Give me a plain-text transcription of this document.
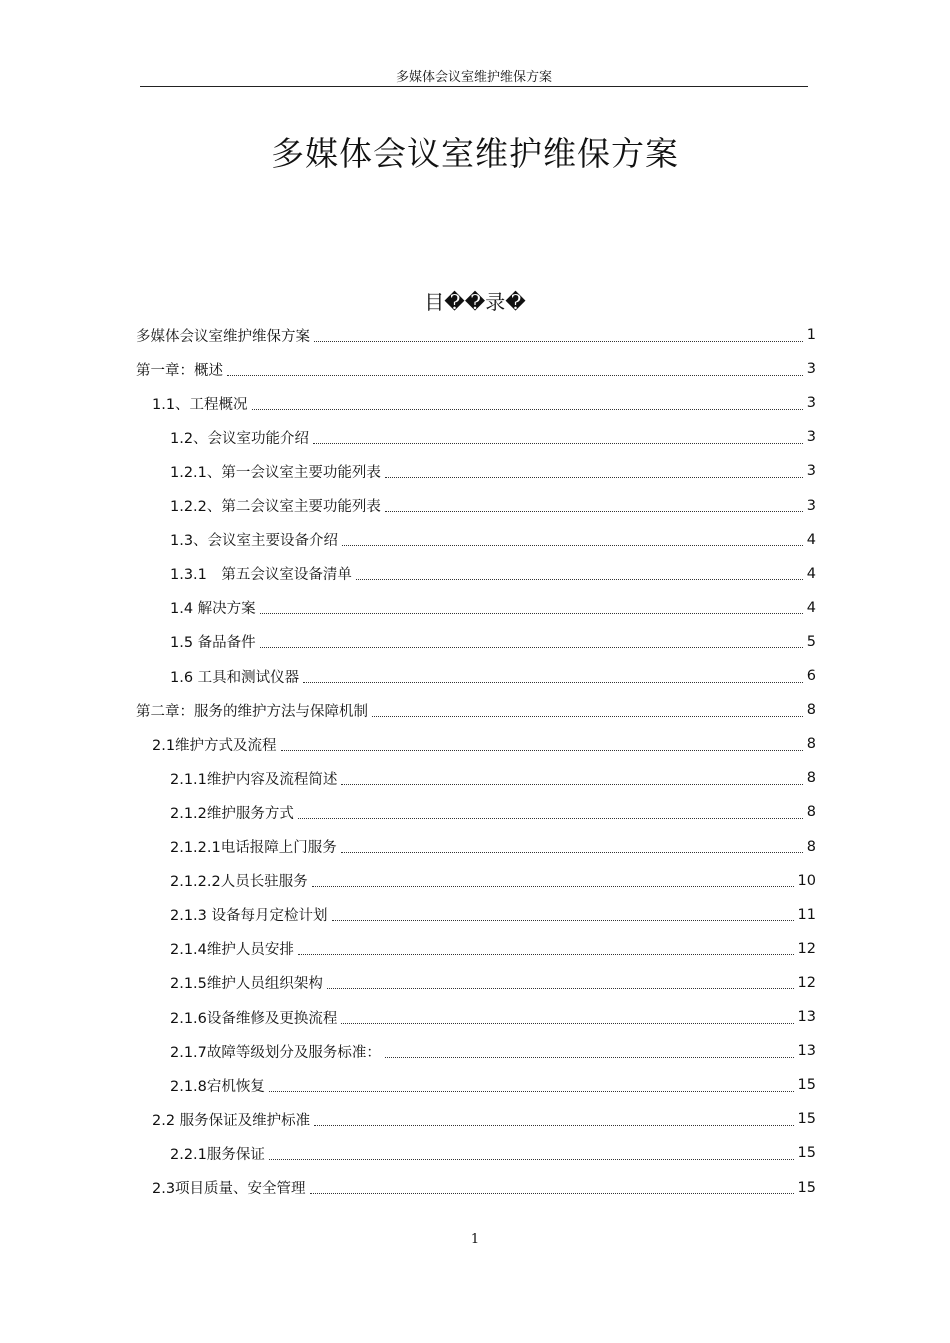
多媒体会议室维护维保方案
多媒体会议室维护维保方案
目��录�
多媒体会议室维护维保方案	1
第一章：概述	3
1.1、工程概况	3
1.2、会议室功能介绍	3
1.2.1、第一会议室主要功能列表	3
1.2.2、第二会议室主要功能列表	3
1.3、会议室主要设备介绍	4
1.3.1　第五会议室设备清单	4
1.4 解决方案	4
1.5 备品备件	5
1.6 工具和测试仪器	6
第二章：服务的维护方法与保障机制	8
2.1维护方式及流程	8
2.1.1维护内容及流程简述	8
2.1.2维护服务方式	8
2.1.2.1电话报障上门服务	8
2.1.2.2人员长驻服务	10
2.1.3 设备每月定检计划	11
2.1.4维护人员安排	12
2.1.5维护人员组织架构	12
2.1.6设备维修及更换流程	13
2.1.7故障等级划分及服务标准：	13
2.1.8宕机恢复	15
2.2 服务保证及维护标准	15
2.2.1服务保证	15
2.3项目质量、安全管理	15
1
